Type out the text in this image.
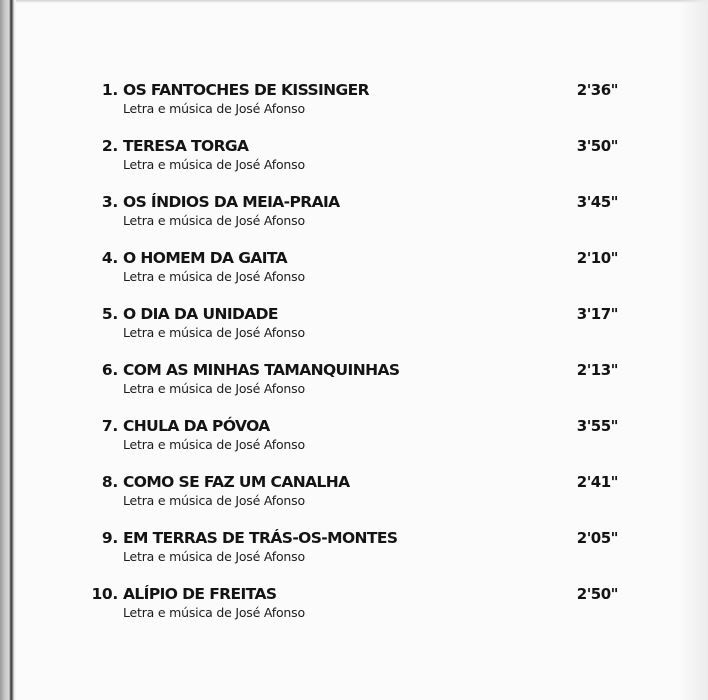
1. OS FANTOCHES DE KISSINGER
Letra e música de José Afonso
2'36"
2. TERESA TORGA
Letra e música de José Afonso
3'50"
3. OS ÍNDIOS DA MEIA-PRAIA
Letra e música de José Afonso
3'45"
4. O HOMEM DA GAITA
Letra e música de José Afonso
2'10"
5. O DIA DA UNIDADE
Letra e música de José Afonso
3'17"
6. COM AS MINHAS TAMANQUINHAS
Letra e música de José Afonso
2'13"
7. CHULA DA PÓVOA
Letra e música de José Afonso
3'55"
8. COMO SE FAZ UM CANALHA
Letra e música de José Afonso
2'41"
9. EM TERRAS DE TRÁS-OS-MONTES
Letra e música de José Afonso
2'05"
10. ALÍPIO DE FREITAS
Letra e música de José Afonso
2'50"
